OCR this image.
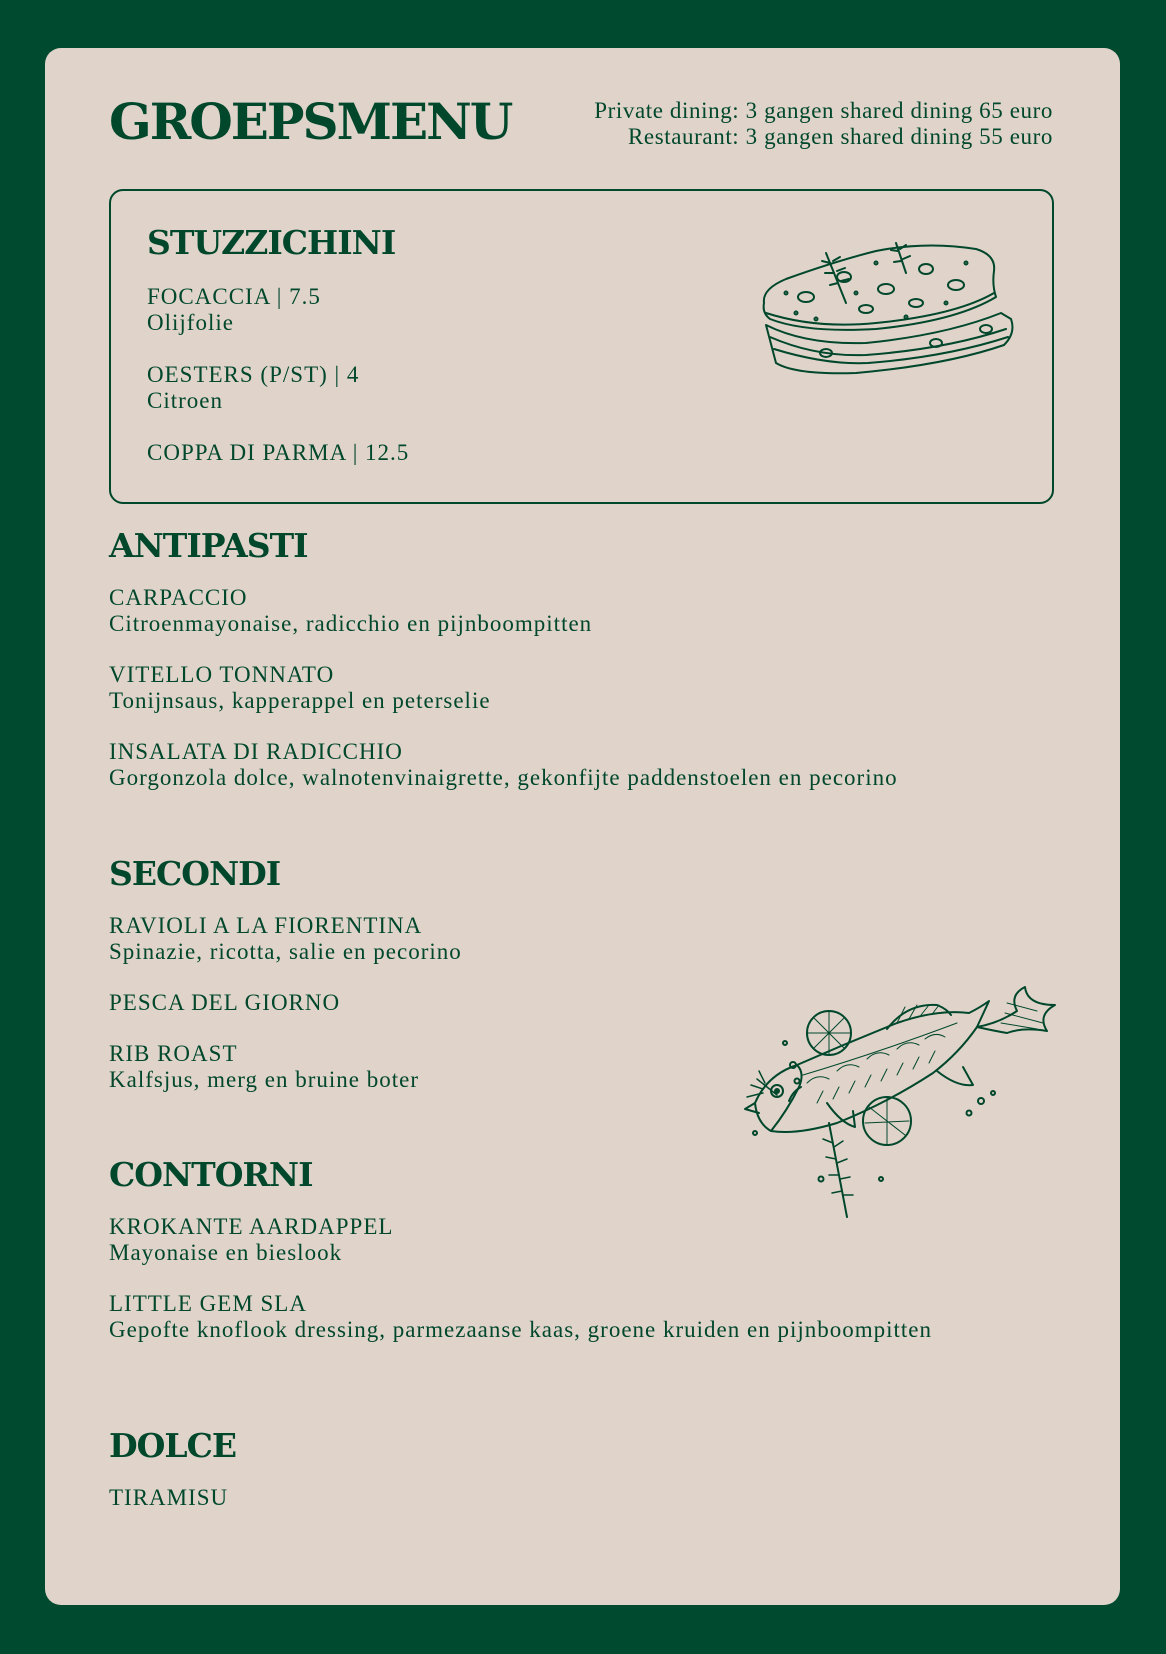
GROEPSMENU	Private dining: 3 gangen shared dining 65 euro
Restaurant: 3 gangen shared dining 55 euro
STUZZICHINI

FOCACCIA | 7.5
Olijfolie

OESTERS (P/ST) | 4
Citroen

COPPA DI PARMA | 12.5

ANTIPASTI

CARPACCIO
Citroenmayonaise, radicchio en pijnboompitten

VITELLO TONNATO
Tonijnsaus, kapperappel en peterselie

INSALATA DI RADICCHIO
Gorgonzola dolce, walnotenvinaigrette, gekonfijte paddenstoelen en pecorino

SECONDI

RAVIOLI A LA FIORENTINA
Spinazie, ricotta, salie en pecorino

PESCA DEL GIORNO

RIB ROAST
Kalfsjus, merg en bruine boter

CONTORNI

KROKANTE AARDAPPEL
Mayonaise en bieslook

LITTLE GEM SLA
Gepofte knoflook dressing, parmezaanse kaas, groene kruiden en pijnboompitten

DOLCE

TIRAMISU
